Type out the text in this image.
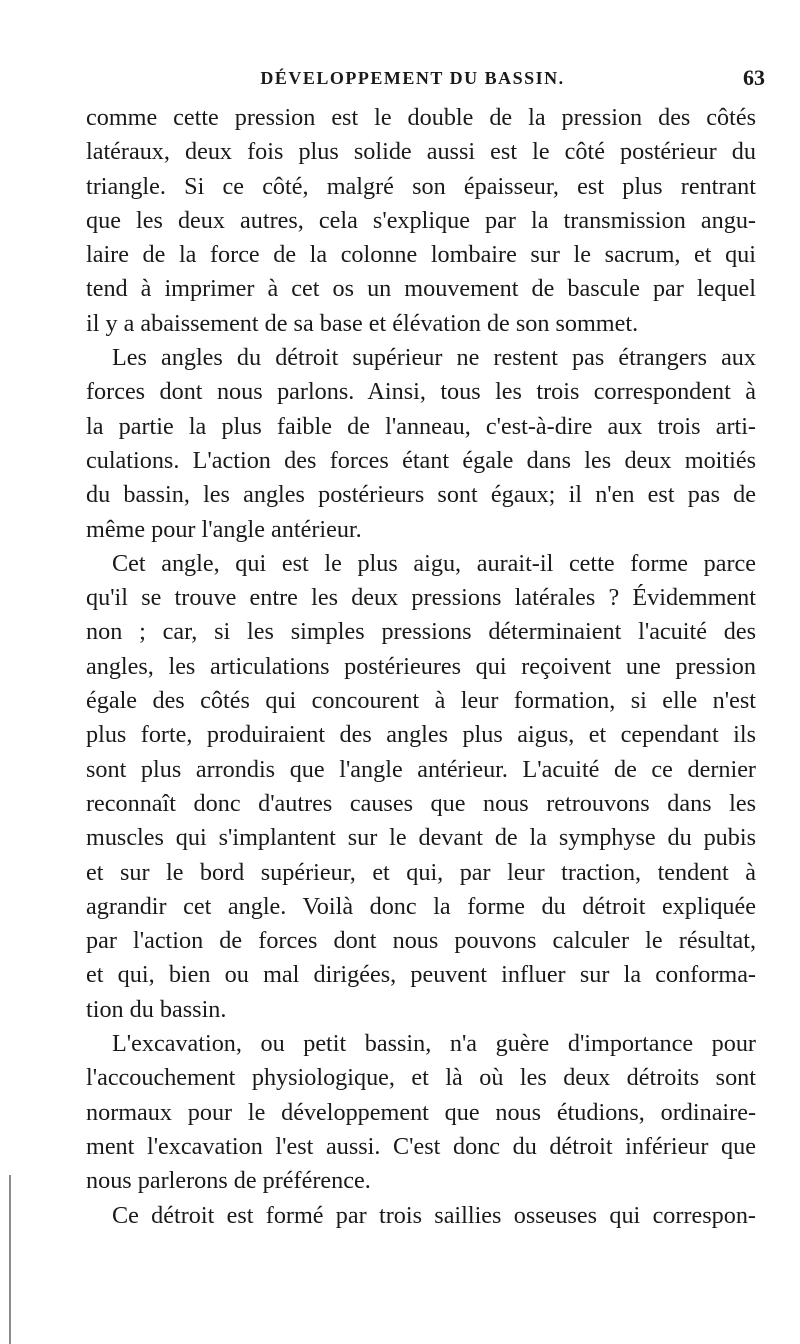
DÉVELOPPEMENT DU BASSIN.	63
comme cette pression est le double de la pression des côtés
latéraux, deux fois plus solide aussi est le côté postérieur du
triangle. Si ce côté, malgré son épaisseur, est plus rentrant
que les deux autres, cela s'explique par la transmission angu-
laire de la force de la colonne lombaire sur le sacrum, et qui
tend à imprimer à cet os un mouvement de bascule par lequel
il y a abaissement de sa base et élévation de son sommet.
Les angles du détroit supérieur ne restent pas étrangers aux
forces dont nous parlons. Ainsi, tous les trois correspondent à
la partie la plus faible de l'anneau, c'est-à-dire aux trois arti-
culations. L'action des forces étant égale dans les deux moitiés
du bassin, les angles postérieurs sont égaux; il n'en est pas de
même pour l'angle antérieur.
Cet angle, qui est le plus aigu, aurait-il cette forme parce
qu'il se trouve entre les deux pressions latérales ? Évidemment
non ; car, si les simples pressions déterminaient l'acuité des
angles, les articulations postérieures qui reçoivent une pression
égale des côtés qui concourent à leur formation, si elle n'est
plus forte, produiraient des angles plus aigus, et cependant ils
sont plus arrondis que l'angle antérieur. L'acuité de ce dernier
reconnaît donc d'autres causes que nous retrouvons dans les
muscles qui s'implantent sur le devant de la symphyse du pubis
et sur le bord supérieur, et qui, par leur traction, tendent à
agrandir cet angle. Voilà donc la forme du détroit expliquée
par l'action de forces dont nous pouvons calculer le résultat,
et qui, bien ou mal dirigées, peuvent influer sur la conforma-
tion du bassin.
L'excavation, ou petit bassin, n'a guère d'importance pour
l'accouchement physiologique, et là où les deux détroits sont
normaux pour le développement que nous étudions, ordinaire-
ment l'excavation l'est aussi. C'est donc du détroit inférieur que
nous parlerons de préférence.
Ce détroit est formé par trois saillies osseuses qui correspon-
